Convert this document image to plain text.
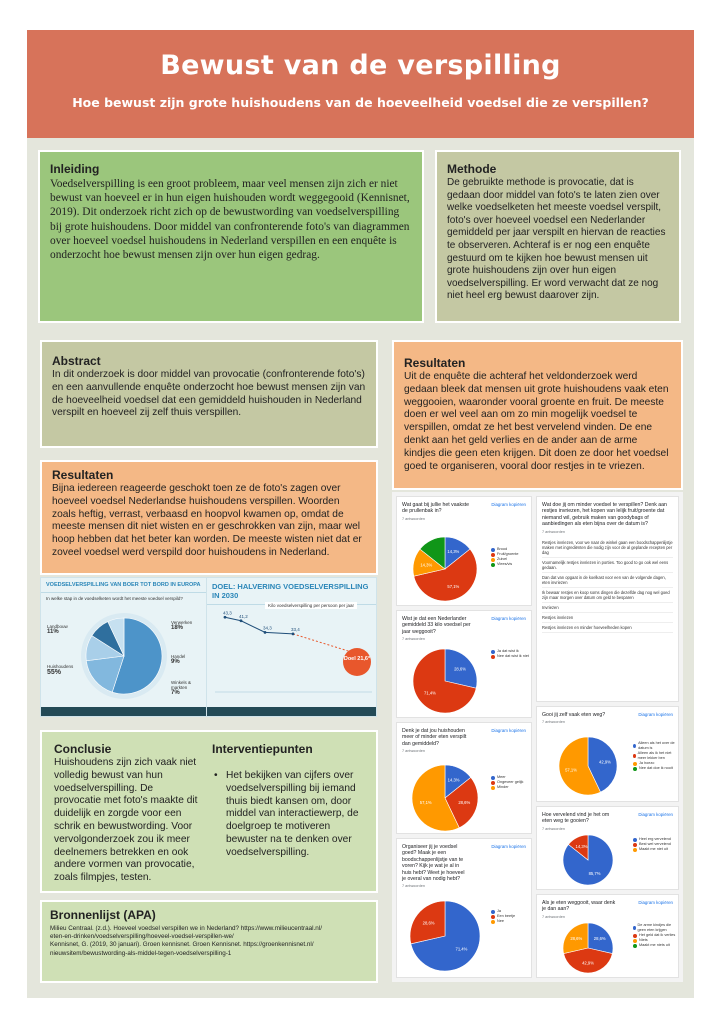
Bewust van de verspilling
Hoe bewust zijn grote huishoudens van de hoeveelheid voedsel die ze verspillen?
Inleiding

Voedselverspilling is een groot probleem, maar veel mensen zijn zich er niet bewust van hoeveel er in hun eigen huishouden wordt weggegooid (Kennisnet, 2019). Dit onderzoek richt zich op de bewustwording van voedselverspilling bij grote huishoudens. Door middel van confronterende foto's van diagrammen over hoeveel voedsel huishoudens in Nederland verspillen en een enquête is onderzocht hoe bewust mensen zijn over hun eigen gedrag.

Methode

De gebruikte methode is provocatie, dat is gedaan door middel van foto's te laten zien over welke voedselketen het meeste voedsel verspilt, foto's over hoeveel voedsel een Nederlander gemiddeld per jaar verspilt en hiervan de reacties te observeren. Achteraf is er nog een enquête gestuurd om te kijken hoe bewust mensen uit grote huishoudens zijn over hun eigen voedselverspilling. Er word verwacht dat ze nog niet heel erg bewust daarover zijn.

Abstract

In dit onderzoek is door middel van provocatie (confronterende foto's) en een aanvullende enquête onderzocht hoe bewust mensen zijn van de hoeveelheid voedsel dat een gemiddeld huishouden in Nederland verspilt en hoeveel zij zelf thuis verspillen.

Resultaten

Bijna iedereen reageerde geschokt toen ze de foto's zagen over hoeveel voedsel Nederlandse huishoudens verspillen. Woorden zoals heftig, verrast, verbaasd en hoopvol kwamen op, omdat de meeste mensen dit niet wisten en er geschrokken van zijn, maar wel hoop hebben dat het beter kan worden. De meeste wisten niet dat er zoveel voedsel werd verspild door huishoudens in Nederland.

Resultaten

Uit de enquête die achteraf het veldonderzoek werd gedaan bleek dat mensen uit grote huishoudens vaak eten weggooien, waaronder vooral groente en fruit. De meeste doen er wel veel aan om zo min mogelijk voedsel te verspillen, omdat ze het best vervelend vinden. De ene denkt aan het geld verlies en de ander aan de arme kindjes die geen eten krijgen. Dit doen ze door het voedsel goed te organiseren, vooral door restjes in te vriezen.

VOEDSELVERSPILLING VAN BOER TOT BORD IN EUROPA
In welke stap in de voedselketen wordt het meeste voedsel verspild?
Landbouw
11%
Verwerken
18%
Handel
9%
Huishoudens
55%
Winkels & markten
7%
DOEL: HALVERING VOEDSELVERSPILLING IN 2030
Kilo voedselverspilling per persoon per jaar
43,3
41,2
34,3	33,4
Doel 21,6*
Conclusie

Huishoudens zijn zich vaak niet volledig bewust van hun voedselverspilling. De provocatie met foto's maakte dit duidelijk en zorgde voor een schrik en bewustwording. Voor vervolgonderzoek zou ik meer deelnemers betrekken en ook andere vormen van provocatie, zoals filmpjes, testen.

Interventiepunten
• Het bekijken van cijfers over voedselverspilling bij iemand thuis biedt kansen om, door middel van interactiewerp, de doelgroep te motiveren bewuster na te denken over voedselverspilling.
Bronnenlijst (APA)
Milieu Centraal. (z.d.). Hoeveel voedsel verspillen we in Nederland? https://www.milieucentraal.nl/
eten-en-drinken/voedselverspilling/hoeveel-voedsel-verspillen-we/
Kennisnet, G. (2019, 30 januari). Groen kennisnet. Groen Kennisnet. https://groenkennisnet.nl/
nieuwsitem/bewustwording-als-middel-tegen-voedselverspilling-1
Wat gaat bij jullie het vaakste de prullenbak in?
7 antwoorden
Diagram kopiëren
14,3%
57,1%
14,3%
Brood
Fruit/groente
Zuivel
Vlees/vis
Wist je dat een Nederlander gemiddeld 33 kilo voedsel per jaar weggooit?
7 antwoorden
Diagram kopiëren
28,6%
71,4%
Ja dat wist ik
Nee dat wist ik niet
Denk je dat jou huishouden meer of minder eten verspilt dan gemiddeld?
7 antwoorden
Diagram kopiëren
14,3%
28,6%
57,1%
Meer
Ongeveer gelijk
Minder
Organiseer jij je voedsel goed? Maak je een boodschappenlijstje van te voren? Kijk je wat je al in huis hebt? Weet je hoeveel je overal van nodig hebt?
7 antwoorden
Diagram kopiëren
71,4%
28,6%
Ja
Een beetje
Nee
Wat doe jij om minder voedsel te verspillen? Denk aan restjes invriezen, het kopen van lelijk fruit/groente dat niemand wil, gebruik maken van goodybags of aanbiedingen als eten bijna over de datum is?
7 antwoorden
Restjes invriezen, voor we naar de winkel gaan een boodschappenlijstje maken met ingrediënten die nodig zijn voor de al geplande recepten per dag
Voornamelijk restjes invriezen in porties. Too good to go ook wel eens gedaan.
Dan dat van opgaat in de koelkast voor een van de volgende dagen, eten invriezen
Ik bewaar restjes en koop soms dingen die dezelfde dag nog wel goed zijn maar morgen over datum om geld te besparen
Invriezen
Restjes invriezen
Restjes invriezen en minder hoeveelheden kopen
Gooi jij zelf vaak eten weg?
7 antwoorden
Diagram kopiëren
42,9%
57,1%
Alleen als het over de datum is
Alleen als ik het niet meer lekker ben
Ja hoezo
Nee dat doe ik nooit
Hoe vervelend vind je het om eten weg te gooien?
7 antwoorden
Diagram kopiëren
85,7%
14,3%
Heel erg vervelend
Best wel vervelend
Maakt me niet uit
Als je eten weggooit, waar denk je dan aan?
7 antwoorden
Diagram kopiëren
28,6%
42,9%
28,6%
De arme kindjes die geen eten krijgen
Het geld dat ik verlies
Niets
Maakt me niets uit
